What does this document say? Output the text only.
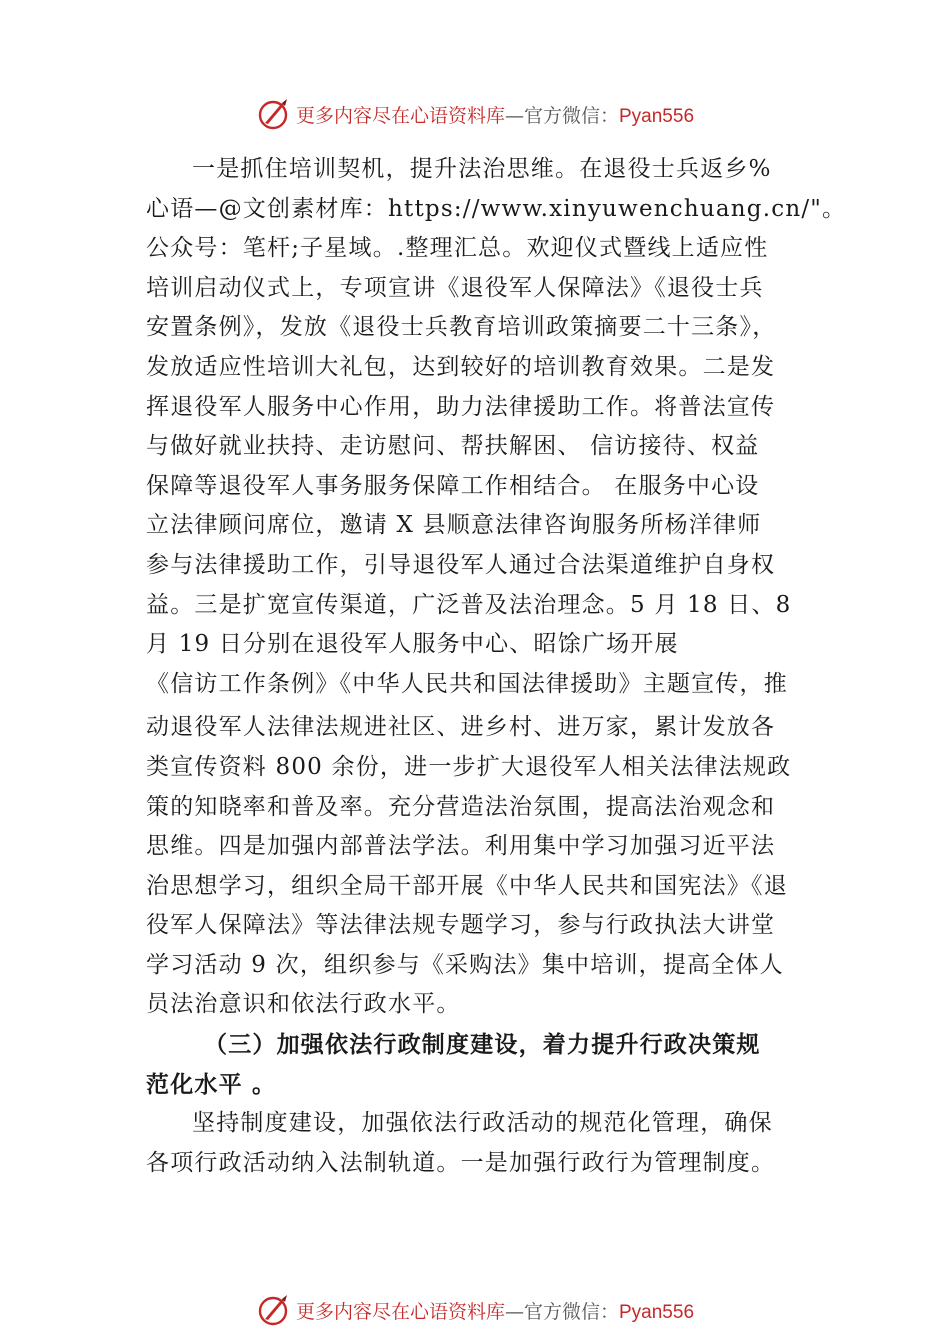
更多内容尽在心语资料库—官方微信：Pyan556
一是抓住培训契机，提升法治思维。在退役士兵返乡%
心语—@文创素材库：https://www.xinyuwenchuang.cn/"。
公众号：笔杆;子星域。.整理汇总。欢迎仪式暨线上适应性
培训启动仪式上，专项宣讲《退役军人保障法》《退役士兵
安置条例》，发放《退役士兵教育培训政策摘要二十三条》，
发放适应性培训大礼包，达到较好的培训教育效果。二是发
挥退役军人服务中心作用，助力法律援助工作。将普法宣传
与做好就业扶持、走访慰问、帮扶解困、 信访接待、权益
保障等退役军人事务服务保障工作相结合。 在服务中心设
立法律顾问席位，邀请 X 县顺意法律咨询服务所杨洋律师
参与法律援助工作，引导退役军人通过合法渠道维护自身权
益。三是扩宽宣传渠道，广泛普及法治理念。5 月 18 日、8
月 19 日分别在退役军人服务中心、昭馀广场开展
《信访工作条例》《中华人民共和国法律援助》主题宣传，推
动退役军人法律法规进社区、进乡村、进万家，累计发放各
类宣传资料 800 余份，进一步扩大退役军人相关法律法规政
策的知晓率和普及率。充分营造法治氛围，提高法治观念和
思维。四是加强内部普法学法。利用集中学习加强习近平法
治思想学习，组织全局干部开展《中华人民共和国宪法》《退
役军人保障法》等法律法规专题学习，参与行政执法大讲堂
学习活动 9 次，组织参与《采购法》集中培训，提高全体人
员法治意识和依法行政水平。
（三）加强依法行政制度建设，着力提升行政决策规
范化水平 。
坚持制度建设，加强依法行政活动的规范化管理，确保
各项行政活动纳入法制轨道。一是加强行政行为管理制度。
更多内容尽在心语资料库—官方微信：Pyan556
